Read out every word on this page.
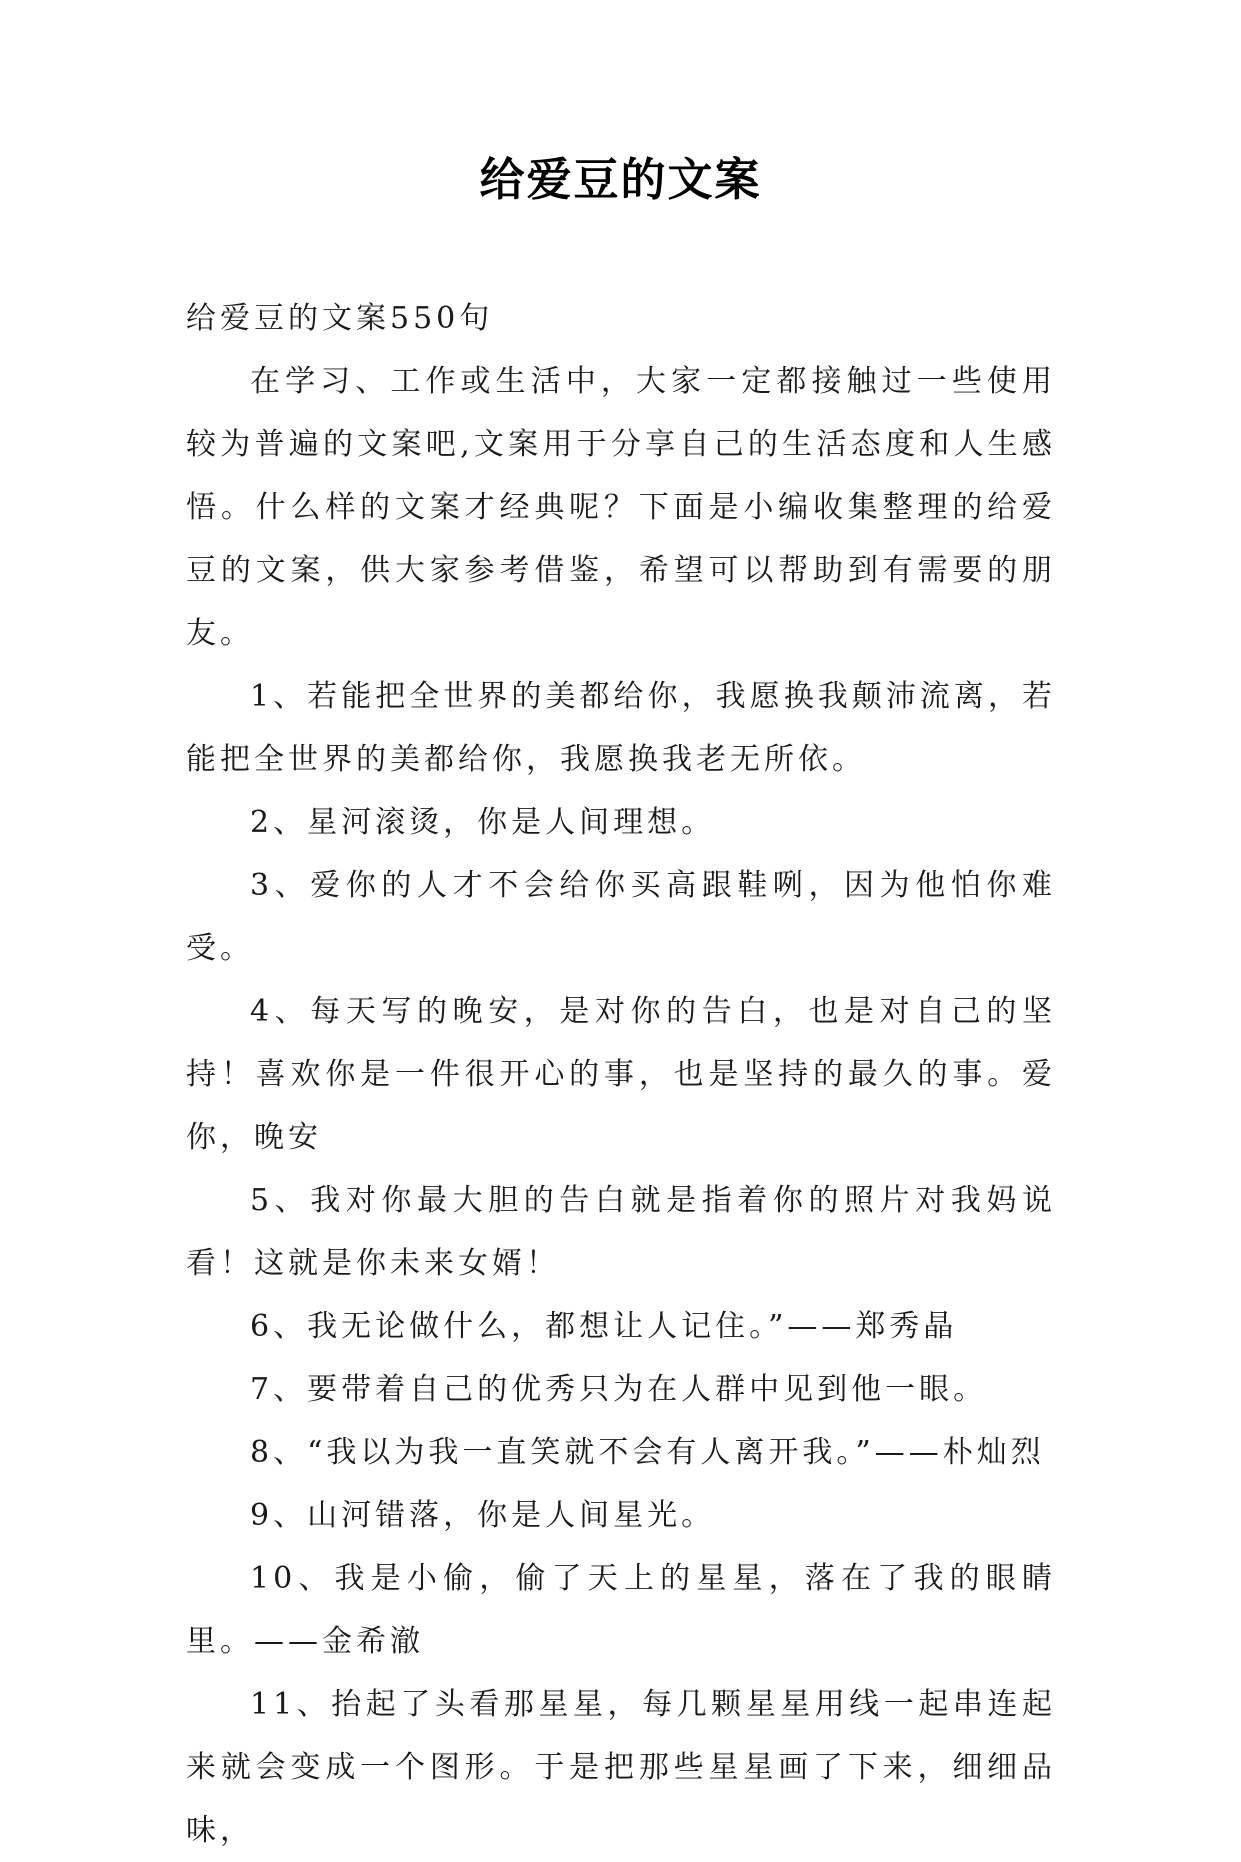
给爱豆的文案

给爱豆的文案550句

在学习、工作或生活中，大家一定都接触过一些使用较为普遍的文案吧,文案用于分享自己的生活态度和人生感悟。什么样的文案才经典呢？下面是小编收集整理的给爱豆的文案，供大家参考借鉴，希望可以帮助到有需要的朋友。

1、若能把全世界的美都给你，我愿换我颠沛流离，若能把全世界的美都给你，我愿换我老无所依。

2、星河滚烫，你是人间理想。

3、爱你的人才不会给你买高跟鞋咧，因为他怕你难受。

4、每天写的晚安，是对你的告白，也是对自己的坚持！喜欢你是一件很开心的事，也是坚持的最久的事。爱你，晚安

5、我对你最大胆的告白就是指着你的照片对我妈说看！这就是你未来女婿！

6、我无论做什么，都想让人记住。”——郑秀晶

7、要带着自己的优秀只为在人群中见到他一眼。

8、“我以为我一直笑就不会有人离开我。”——朴灿烈

9、山河错落，你是人间星光。

10、我是小偷，偷了天上的星星，落在了我的眼睛里。——金希澈

11、抬起了头看那星星，每几颗星星用线一起串连起来就会变成一个图形。于是把那些星星画了下来，细细品味，
